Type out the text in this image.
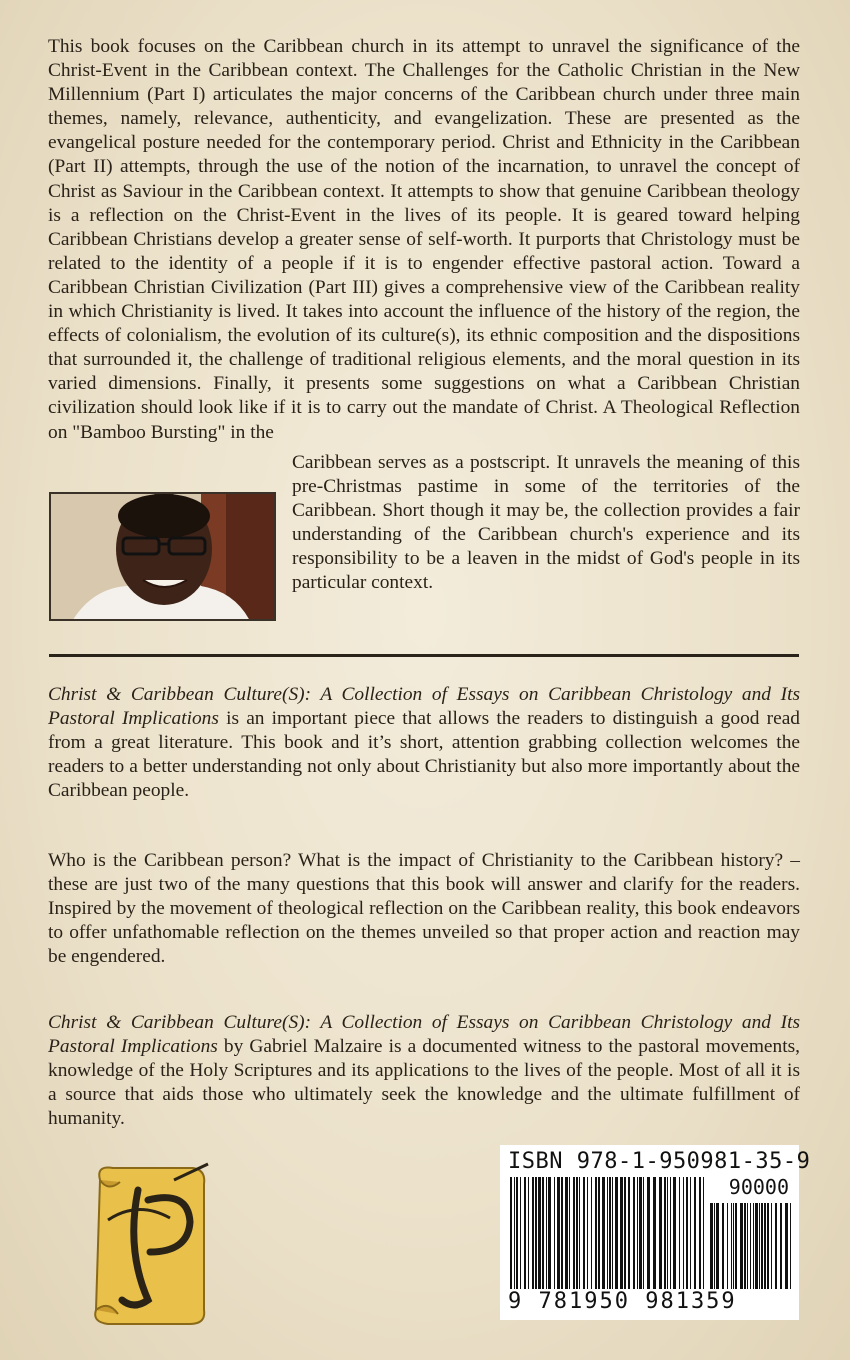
This book focuses on the Caribbean church in its attempt to unravel the significance of the Christ-Event in the Caribbean context. The Challenges for the Catholic Christian in the New Millennium (Part I) articulates the major concerns of the Caribbean church under three main themes, namely, relevance, authenticity, and evangelization. These are presented as the evangelical posture needed for the contemporary period. Christ and Ethnicity in the Caribbean (Part II) attempts, through the use of the notion of the incarnation, to unravel the concept of Christ as Saviour in the Caribbean context. It attempts to show that genuine Caribbean theology is a reflection on the Christ-Event in the lives of its people. It is geared toward helping Caribbean Christians develop a greater sense of self-worth. It purports that Christology must be related to the identity of a people if it is to engender effective pastoral action. Toward a Caribbean Christian Civilization (Part III) gives a comprehensive view of the Caribbean reality in which Christianity is lived. It takes into account the influence of the history of the region, the effects of colonialism, the evolution of its culture(s), its ethnic composition and the dispositions that surrounded it, the challenge of traditional religious elements, and the moral question in its varied dimensions. Finally, it presents some suggestions on what a Caribbean Christian civilization should look like if it is to carry out the mandate of Christ. A Theological Reflection on "Bamboo Bursting" in the

Caribbean serves as a postscript. It unravels the meaning of this pre-Christmas pastime in some of the territories of the Caribbean. Short though it may be, the collection provides a fair understanding of the Caribbean church's experience and its responsibility to be a leaven in the midst of God's people in its particular context.

Christ & Caribbean Culture(S): A Collection of Essays on Caribbean Christology and Its Pastoral Implications is an important piece that allows the readers to distinguish a good read from a great literature. This book and it’s short, attention grabbing collection welcomes the readers to a better understanding not only about Christianity but also more importantly about the Caribbean people.

Who is the Caribbean person? What is the impact of Christianity to the Caribbean history? – these are just two of the many questions that this book will answer and clarify for the readers. Inspired by the movement of theological reflection on the Caribbean reality, this book endeavors to offer unfathomable reflection on the themes unveiled so that proper action and reaction may be engendered.

Christ & Caribbean Culture(S): A Collection of Essays on Caribbean Christology and Its Pastoral Implications by Gabriel Malzaire is a documented witness to the pastoral movements, knowledge of the Holy Scriptures and its applications to the lives of the people. Most of all it is a source that aids those who ultimately seek the knowledge and the ultimate fulfillment of humanity.

ISBN 978-1-950981-35-9
90000
9 781950 981359
